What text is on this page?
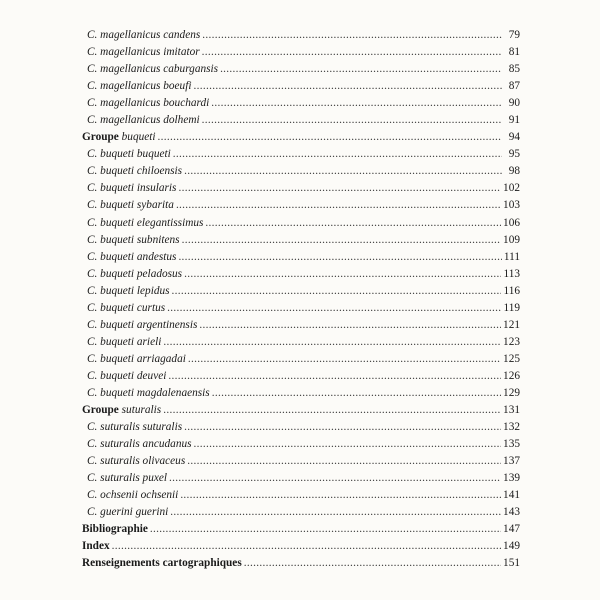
C. magellanicus candens .....	79
C. magellanicus imitator .....	81
C. magellanicus caburgansis .....	85
C. magellanicus boeufi .....	87
C. magellanicus bouchardi .....	90
C. magellanicus dolhemi .....	91
Groupe buqueti .....	94
C. buqueti buqueti .....	95
C. buqueti chiloensis .....	98
C. buqueti insularis .....	102
C. buqueti sybarita .....	103
C. buqueti elegantissimus .....	106
C. buqueti subnitens .....	109
C. buqueti andestus .....	111
C. buqueti peladosus .....	113
C. buqueti lepidus .....	116
C. buqueti curtus .....	119
C. buqueti argentinensis .....	121
C. buqueti arieli .....	123
C. buqueti arriagadai .....	125
C. buqueti deuvei .....	126
C. buqueti magdalenaensis .....	129
Groupe suturalis .....	131
C. suturalis suturalis .....	132
C. suturalis ancudanus .....	135
C. suturalis olivaceus .....	137
C. suturalis puxel .....	139
C. ochsenii ochsenii .....	141
C. guerini guerini .....	143
Bibliographie .....	147
Index .....	149
Renseignements cartographiques .....	151
